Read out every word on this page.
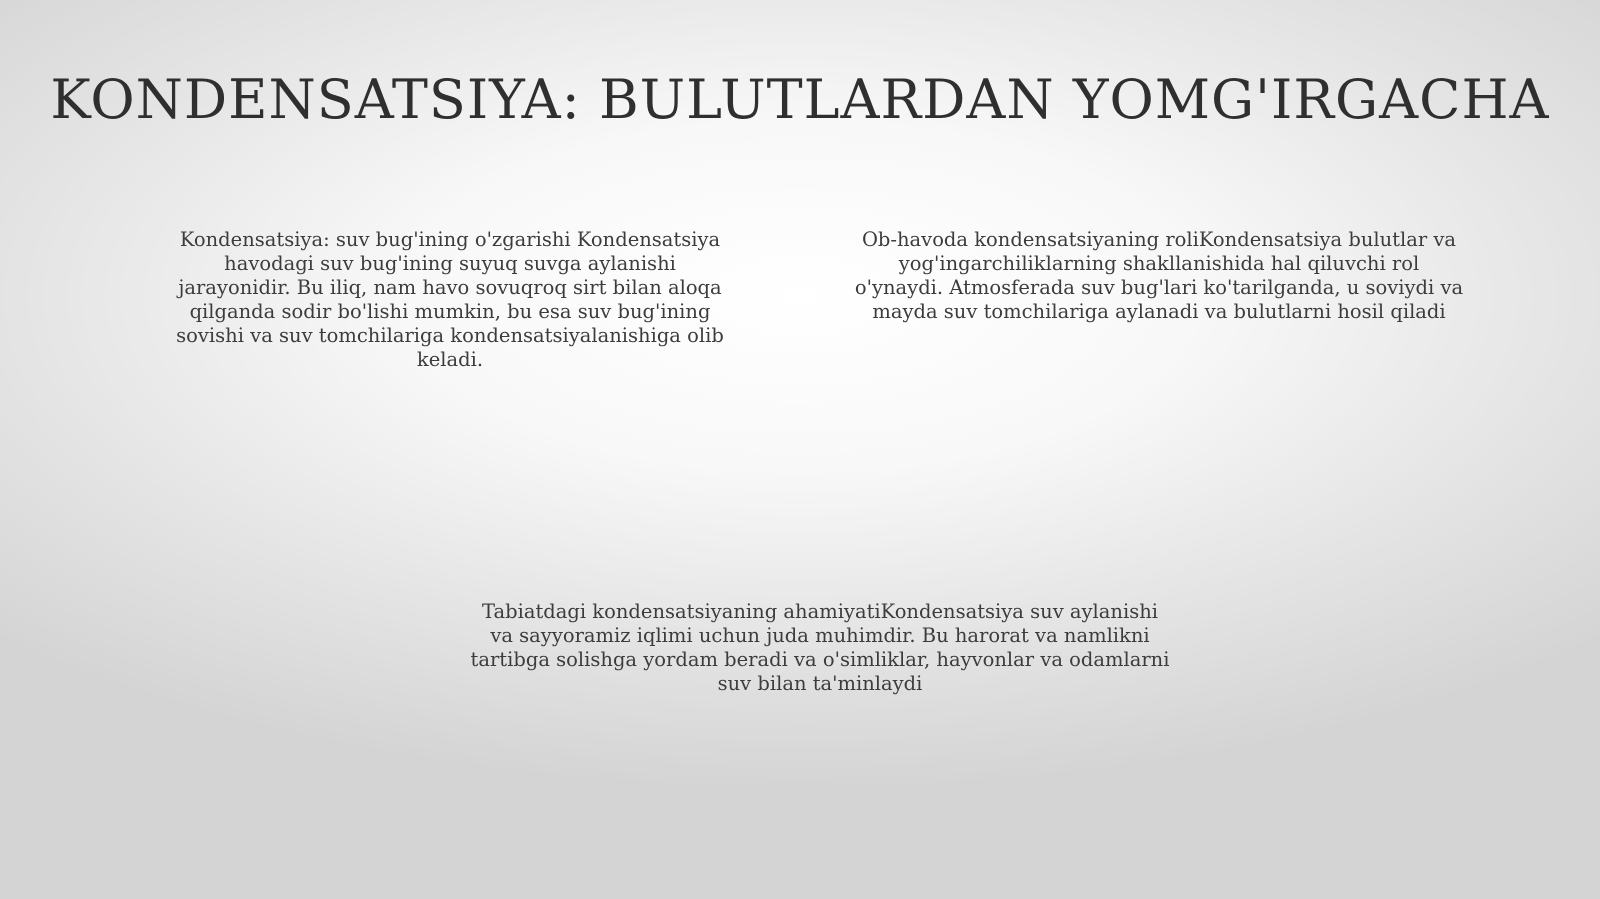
KONDENSATSIYA: BULUTLARDAN YOMG'IRGACHA

Kondensatsiya: suv bug'ining o'zgarishi Kondensatsiya havodagi suv bug'ining suyuq suvga aylanishi jarayonidir. Bu iliq, nam havo sovuqroq sirt bilan aloqa qilganda sodir bo'lishi mumkin, bu esa suv bug'ining sovishi va suv tomchilariga kondensatsiyalanishiga olib keladi.

Ob-havoda kondensatsiyaning roliKondensatsiya bulutlar va yog'ingarchiliklarning shakllanishida hal qiluvchi rol o'ynaydi. Atmosferada suv bug'lari ko'tarilganda, u soviydi va mayda suv tomchilariga aylanadi va bulutlarni hosil qiladi

Tabiatdagi kondensatsiyaning ahamiyatiKondensatsiya suv aylanishi va sayyoramiz iqlimi uchun juda muhimdir. Bu harorat va namlikni tartibga solishga yordam beradi va o'simliklar, hayvonlar va odamlarni suv bilan ta'minlaydi
